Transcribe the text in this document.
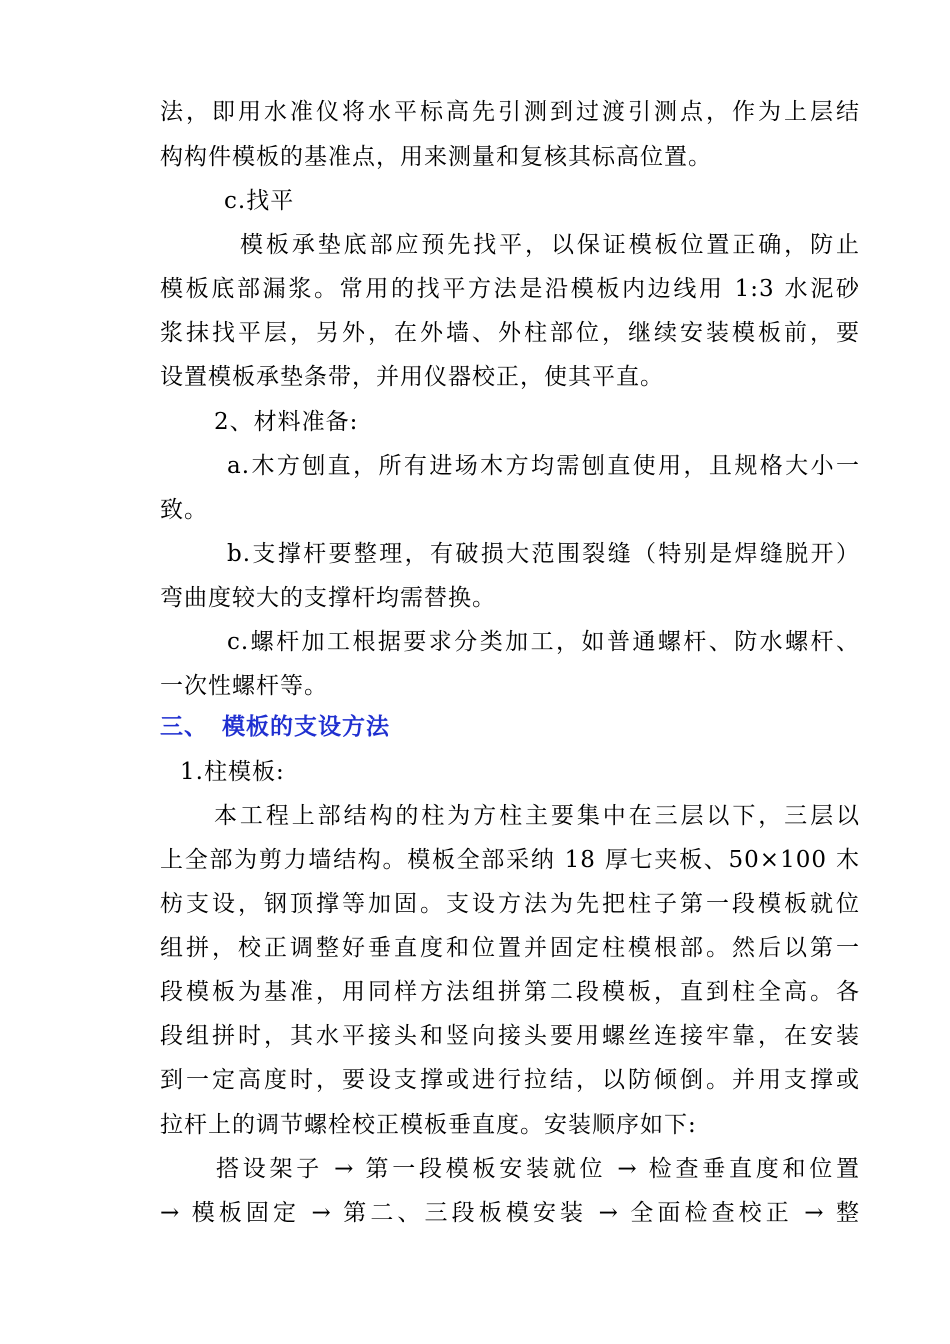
法，即用水准仪将水平标高先引测到过渡引测点，作为上层结
构构件模板的基准点，用来测量和复核其标高位置。
c.找平
模板承垫底部应预先找平，以保证模板位置正确，防止
模板底部漏浆。常用的找平方法是沿模板内边线用 1:3 水泥砂
浆抹找平层，另外，在外墙、外柱部位，继续安装模板前，要
设置模板承垫条带，并用仪器校正，使其平直。
2、材料准备:
a.木方刨直，所有进场木方均需刨直使用，且规格大小一
致。
b.支撑杆要整理，有破损大范围裂缝（特别是焊缝脱开）
弯曲度较大的支撑杆均需替换。
c.螺杆加工根据要求分类加工，如普通螺杆、防水螺杆、
一次性螺杆等。
三、 模板的支设方法
1.柱模板:
本工程上部结构的柱为方柱主要集中在三层以下，三层以
上全部为剪力墙结构。模板全部采纳 18 厚七夹板、50×100 木
枋支设，钢顶撑等加固。支设方法为先把柱子第一段模板就位
组拼，校正调整好垂直度和位置并固定柱模根部。然后以第一
段模板为基准，用同样方法组拼第二段模板，直到柱全高。各
段组拼时，其水平接头和竖向接头要用螺丝连接牢靠，在安装
到一定高度时，要设支撑或进行拉结，以防倾倒。并用支撑或
拉杆上的调节螺栓校正模板垂直度。安装顺序如下:
搭设架子 → 第一段模板安装就位 → 检查垂直度和位置
→ 模板固定 → 第二、三段板模安装 → 全面检查校正 → 整
